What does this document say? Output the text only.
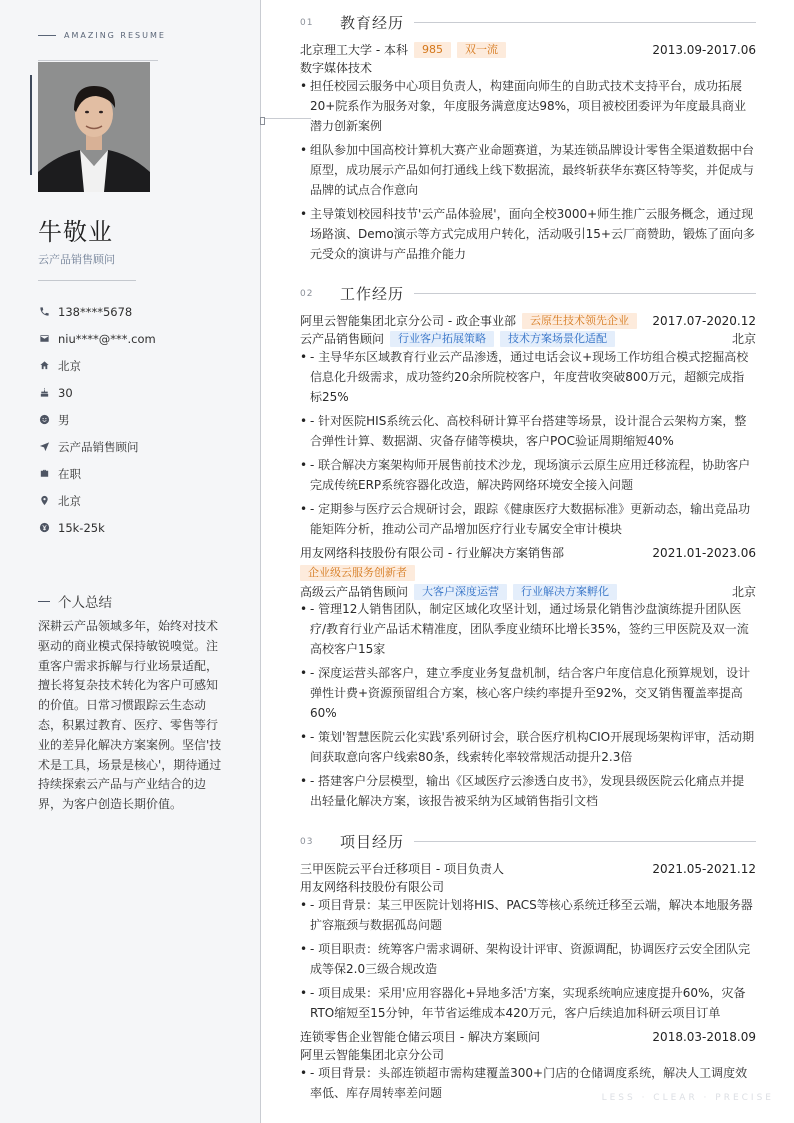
AMAZING RESUME
牛敬业
云产品销售顾问
138****5678
niu****@***.com
北京
30
男
云产品销售顾问
在职
北京
15k-25k
个人总结

深耕云产品领域多年，始终对技术驱动的商业模式保持敏锐嗅觉。注重客户需求拆解与行业场景适配，擅长将复杂技术转化为客户可感知的价值。日常习惯跟踪云生态动态，积累过教育、医疗、零售等行业的差异化解决方案案例。坚信'技术是工具，场景是核心'，期待通过持续探索云产品与产业结合的边界，为客户创造长期价值。

01	教育经历
北京理工大学 - 本科	985	双一流	2013.09-2017.06
数字媒体技术
• 担任校园云服务中心项目负责人，构建面向师生的自助式技术支持平台，成功拓展20+院系作为服务对象，年度服务满意度达98%，项目被校团委评为年度最具商业潜力创新案例
• 组队参加中国高校计算机大赛产业命题赛道，为某连锁品牌设计零售全渠道数据中台原型，成功展示产品如何打通线上线下数据流，最终斩获华东赛区特等奖，并促成与品牌的试点合作意向
• 主导策划校园科技节'云产品体验展'，面向全校3000+师生推广云服务概念，通过现场路演、Demo演示等方式完成用户转化，活动吸引15+云厂商赞助，锻炼了面向多元受众的演讲与产品推介能力
02	工作经历
阿里云智能集团北京分公司 - 政企事业部	云原生技术领先企业	2017.07-2020.12
云产品销售顾问	行业客户拓展策略	技术方案场景化适配	北京
• - 主导华东区域教育行业云产品渗透，通过电话会议+现场工作坊组合模式挖掘高校信息化升级需求，成功签约20余所院校客户，年度营收突破800万元，超额完成指标25%
• - 针对医院HIS系统云化、高校科研计算平台搭建等场景，设计混合云架构方案，整合弹性计算、数据湖、灾备存储等模块，客户POC验证周期缩短40%
• - 联合解决方案架构师开展售前技术沙龙，现场演示云原生应用迁移流程，协助客户完成传统ERP系统容器化改造，解决跨网络环境安全接入问题
• - 定期参与医疗云合规研讨会，跟踪《健康医疗大数据标准》更新动态，输出竞品功能矩阵分析，推动公司产品增加医疗行业专属安全审计模块
用友网络科技股份有限公司 - 行业解决方案销售部	2021.01-2023.06
企业级云服务创新者
高级云产品销售顾问	大客户深度运营	行业解决方案孵化	北京
• - 管理12人销售团队，制定区域化攻坚计划，通过场景化销售沙盘演练提升团队医疗/教育行业产品话术精准度，团队季度业绩环比增长35%，签约三甲医院及双一流高校客户15家
• - 深度运营头部客户，建立季度业务复盘机制，结合客户年度信息化预算规划，设计弹性计费+资源预留组合方案，核心客户续约率提升至92%，交叉销售覆盖率提高60%
• - 策划'智慧医院云化实践'系列研讨会，联合医疗机构CIO开展现场架构评审，活动期间获取意向客户线索80条，线索转化率较常规活动提升2.3倍
• - 搭建客户分层模型，输出《区域医疗云渗透白皮书》，发现县级医院云化痛点并提出轻量化解决方案，该报告被采纳为区域销售指引文档
03	项目经历
三甲医院云平台迁移项目 - 项目负责人	2021.05-2021.12
用友网络科技股份有限公司
• - 项目背景：某三甲医院计划将HIS、PACS等核心系统迁移至云端，解决本地服务器扩容瓶颈与数据孤岛问题
• - 项目职责：统筹客户需求调研、架构设计评审、资源调配，协调医疗云安全团队完成等保2.0三级合规改造
• - 项目成果：采用'应用容器化+异地多活'方案，实现系统响应速度提升60%，灾备RTO缩短至15分钟，年节省运维成本420万元，客户后续追加科研云项目订单
连锁零售企业智能仓储云项目 - 解决方案顾问	2018.03-2018.09
阿里云智能集团北京分公司
• - 项目背景：头部连锁超市需构建覆盖300+门店的仓储调度系统，解决人工调度效率低、库存周转率差问题	LESS · CLEAR · PRECISE
